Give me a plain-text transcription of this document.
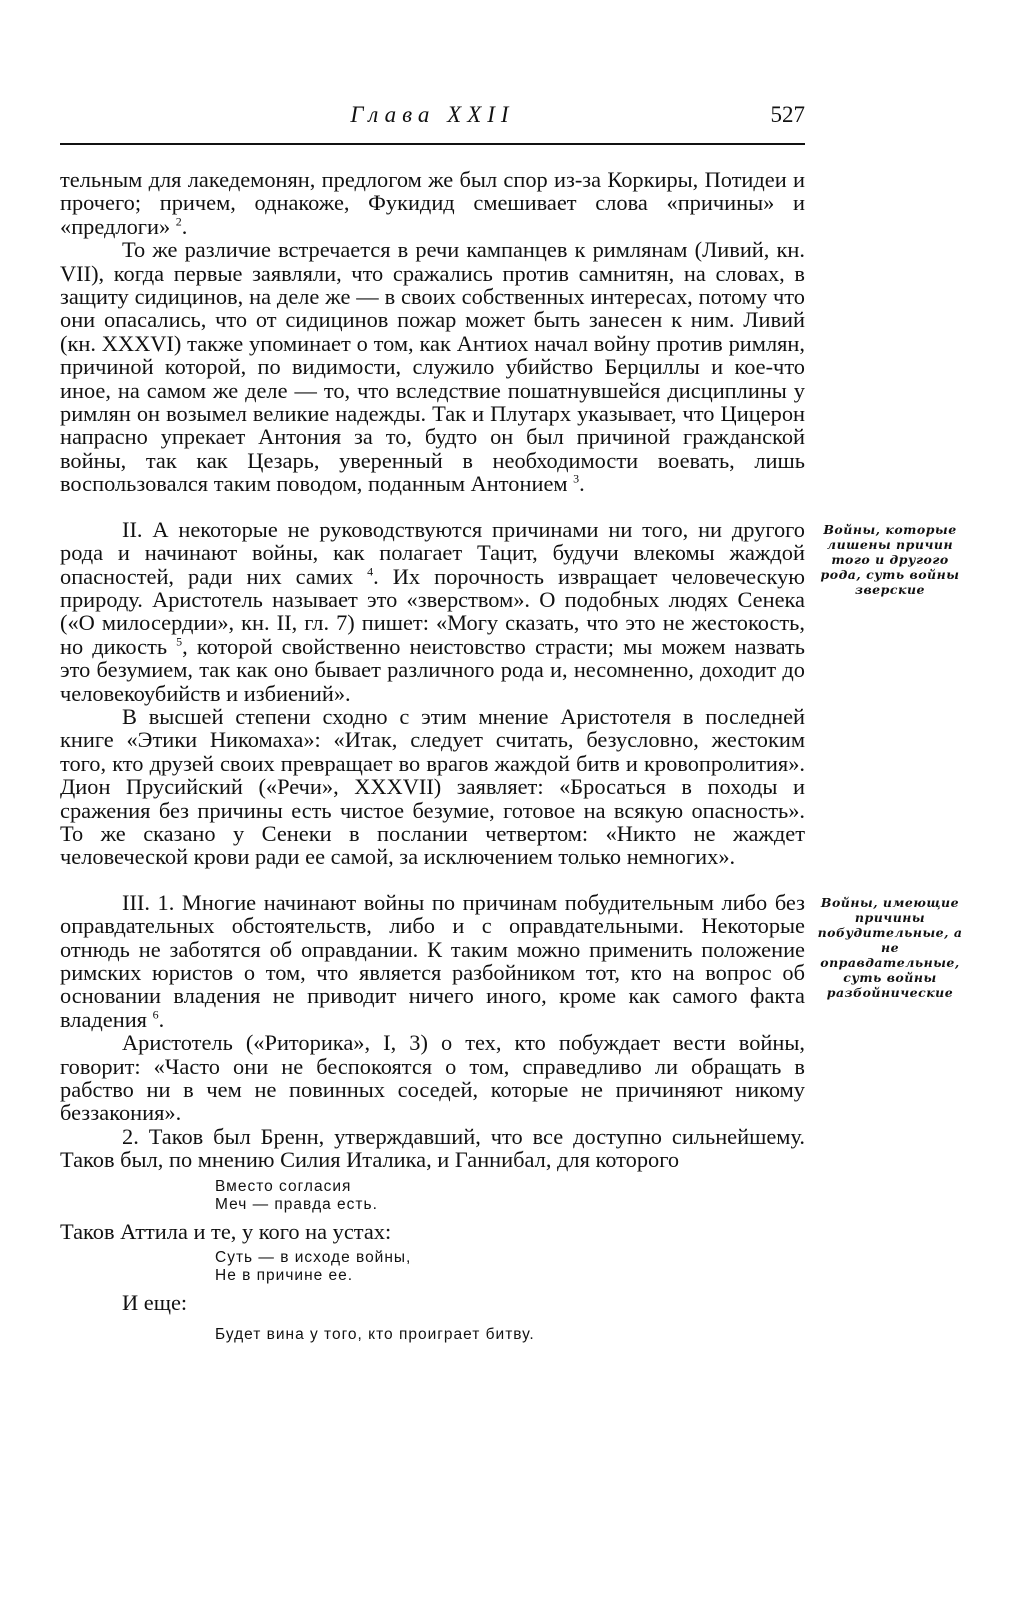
Глава XXII	527

тельным для лакедемонян, предлогом же был спор из-за Коркиры, Потидеи и прочего; причем, однакоже, Фукидид смешивает слова «причины» и «предлоги» $^2$.

То же различие встречается в речи кампанцев к римлянам (Ливий, кн. VII), когда первые заявляли, что сражались против самнитян, на словах, в защиту сидицинов, на деле же — в своих собственных интересах, потому что они опасались, что от сидицинов пожар может быть занесен к ним. Ливий (кн. XXXVI) также упоминает о том, как Антиох начал войну против римлян, причиной которой, по видимости, служило убийство Берциллы и кое-что иное, на самом же деле — то, что вследствие пошатнувшейся дисциплины у римлян он возымел великие надежды. Так и Плутарх указывает, что Цицерон напрасно упрекает Антония за то, будто он был причиной гражданской войны, так как Цезарь, уверенный в необходимости воевать, лишь воспользовался таким поводом, поданным Антонием $^3$.

II. А некоторые не руководствуются причинами ни того, ни другого рода и начинают войны, как полагает Тацит, будучи влекомы жаждой опасностей, ради них самих $^4$. Их порочность извращает человеческую природу. Аристотель называет это «зверством». О подобных людях Сенека («О милосердии», кн. II, гл. 7) пишет: «Могу сказать, что это не жестокость, но дикость $^5$, которой свойственно неистовство страсти; мы можем назвать это безумием, так как оно бывает различного рода и, несомненно, доходит до человекоубийств и избиений».

В высшей степени сходно с этим мнение Аристотеля в последней книге «Этики Никомаха»: «Итак, следует считать, безусловно, жестоким того, кто друзей своих превращает во врагов жаждой битв и кровопролития». Дион Прусийский («Речи», XXXVII) заявляет: «Бросаться в походы и сражения без причины есть чистое безумие, готовое на всякую опасность». То же сказано у Сенеки в послании четвертом: «Никто не жаждет человеческой крови ради ее самой, за исключением только немногих».

III. 1. Многие начинают войны по причинам побудительным либо без оправдательных обстоятельств, либо и с оправдательными. Некоторые отнюдь не заботятся об оправдании. К таким можно применить положение римских юристов о том, что является разбойником тот, кто на вопрос об основании владения не приводит ничего иного, кроме как самого факта владения $^6$.

Аристотель («Риторика», I, 3) о тех, кто побуждает вести войны, говорит: «Часто они не беспокоятся о том, справедливо ли обращать в рабство ни в чем не повинных соседей, которые не причиняют никому беззакония».

2. Таков был Бренн, утверждавший, что все доступно сильнейшему. Таков был, по мнению Силия Италика, и Ганнибал, для которого

Вместо согласия
Меч — правда есть.

Таков Аттила и те, у кого на устах:

Суть — в исходе войны,
Не в причине ее.
И еще:
Будет вина у того, кто проиграет битву.
Войны, которые лишены причин того и другого рода, суть войны зверские
Войны, имеющие причины побудительные, а не оправдательные, суть войны разбойнические
